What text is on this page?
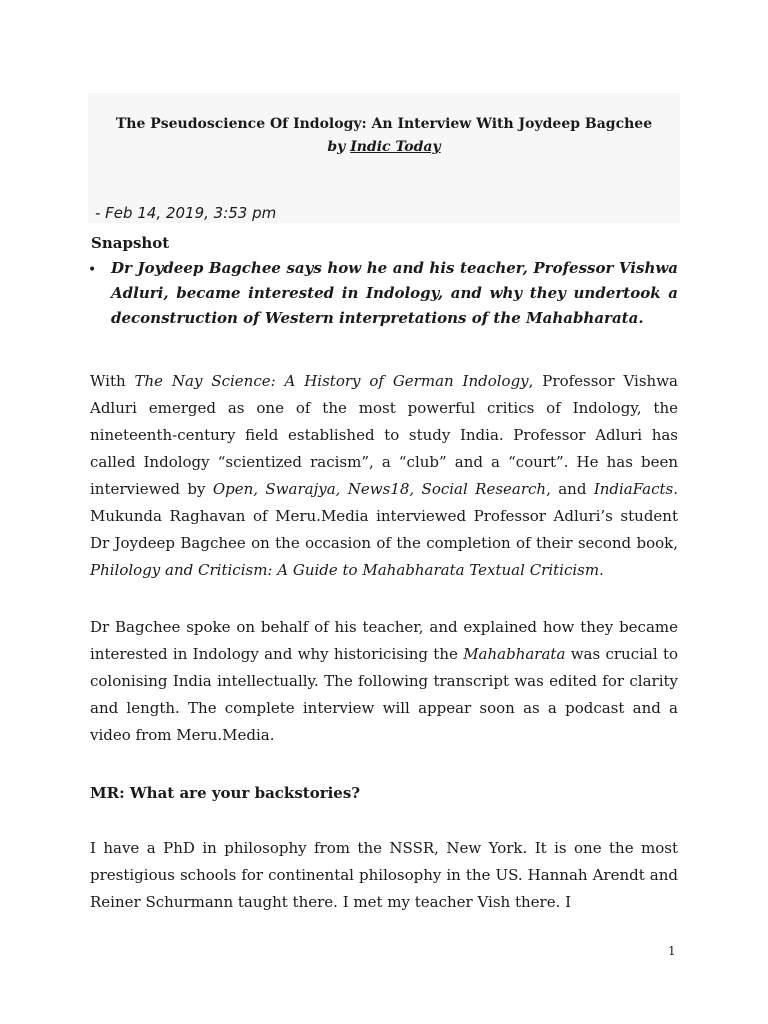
The Pseudoscience Of Indology: An Interview With Joydeep Bagchee
by Indic Today
- Feb 14, 2019, 3:53 pm
Snapshot
• Dr Joydeep Bagchee says how he and his teacher, Professor Vishwa Adluri, became interested in Indology, and why they undertook a deconstruction of Western interpretations of the Mahabharata.
With The Nay Science: A History of German Indology, Professor Vishwa Adluri emerged as one of the most powerful critics of Indology, the nineteenth-century field established to study India. Professor Adluri has called Indology “scientized racism”, a “club” and a “court”. He has been interviewed by Open, Swarajya, News18, Social Research, and IndiaFacts. Mukunda Raghavan of Meru.Media interviewed Professor Adluri’s student Dr Joydeep Bagchee on the occasion of the completion of their second book, Philology and Criticism: A Guide to Mahabharata Textual Criticism.
Dr Bagchee spoke on behalf of his teacher, and explained how they became interested in Indology and why historicising the Mahabharata was crucial to colonising India intellectually. The following transcript was edited for clarity and length. The complete interview will appear soon as a podcast and a video from Meru.Media.
MR: What are your backstories?
I have a PhD in philosophy from the NSSR, New York. It is one the most prestigious schools for continental philosophy in the US. Hannah Arendt and Reiner Schurmann taught there. I met my teacher Vish there. I
1
